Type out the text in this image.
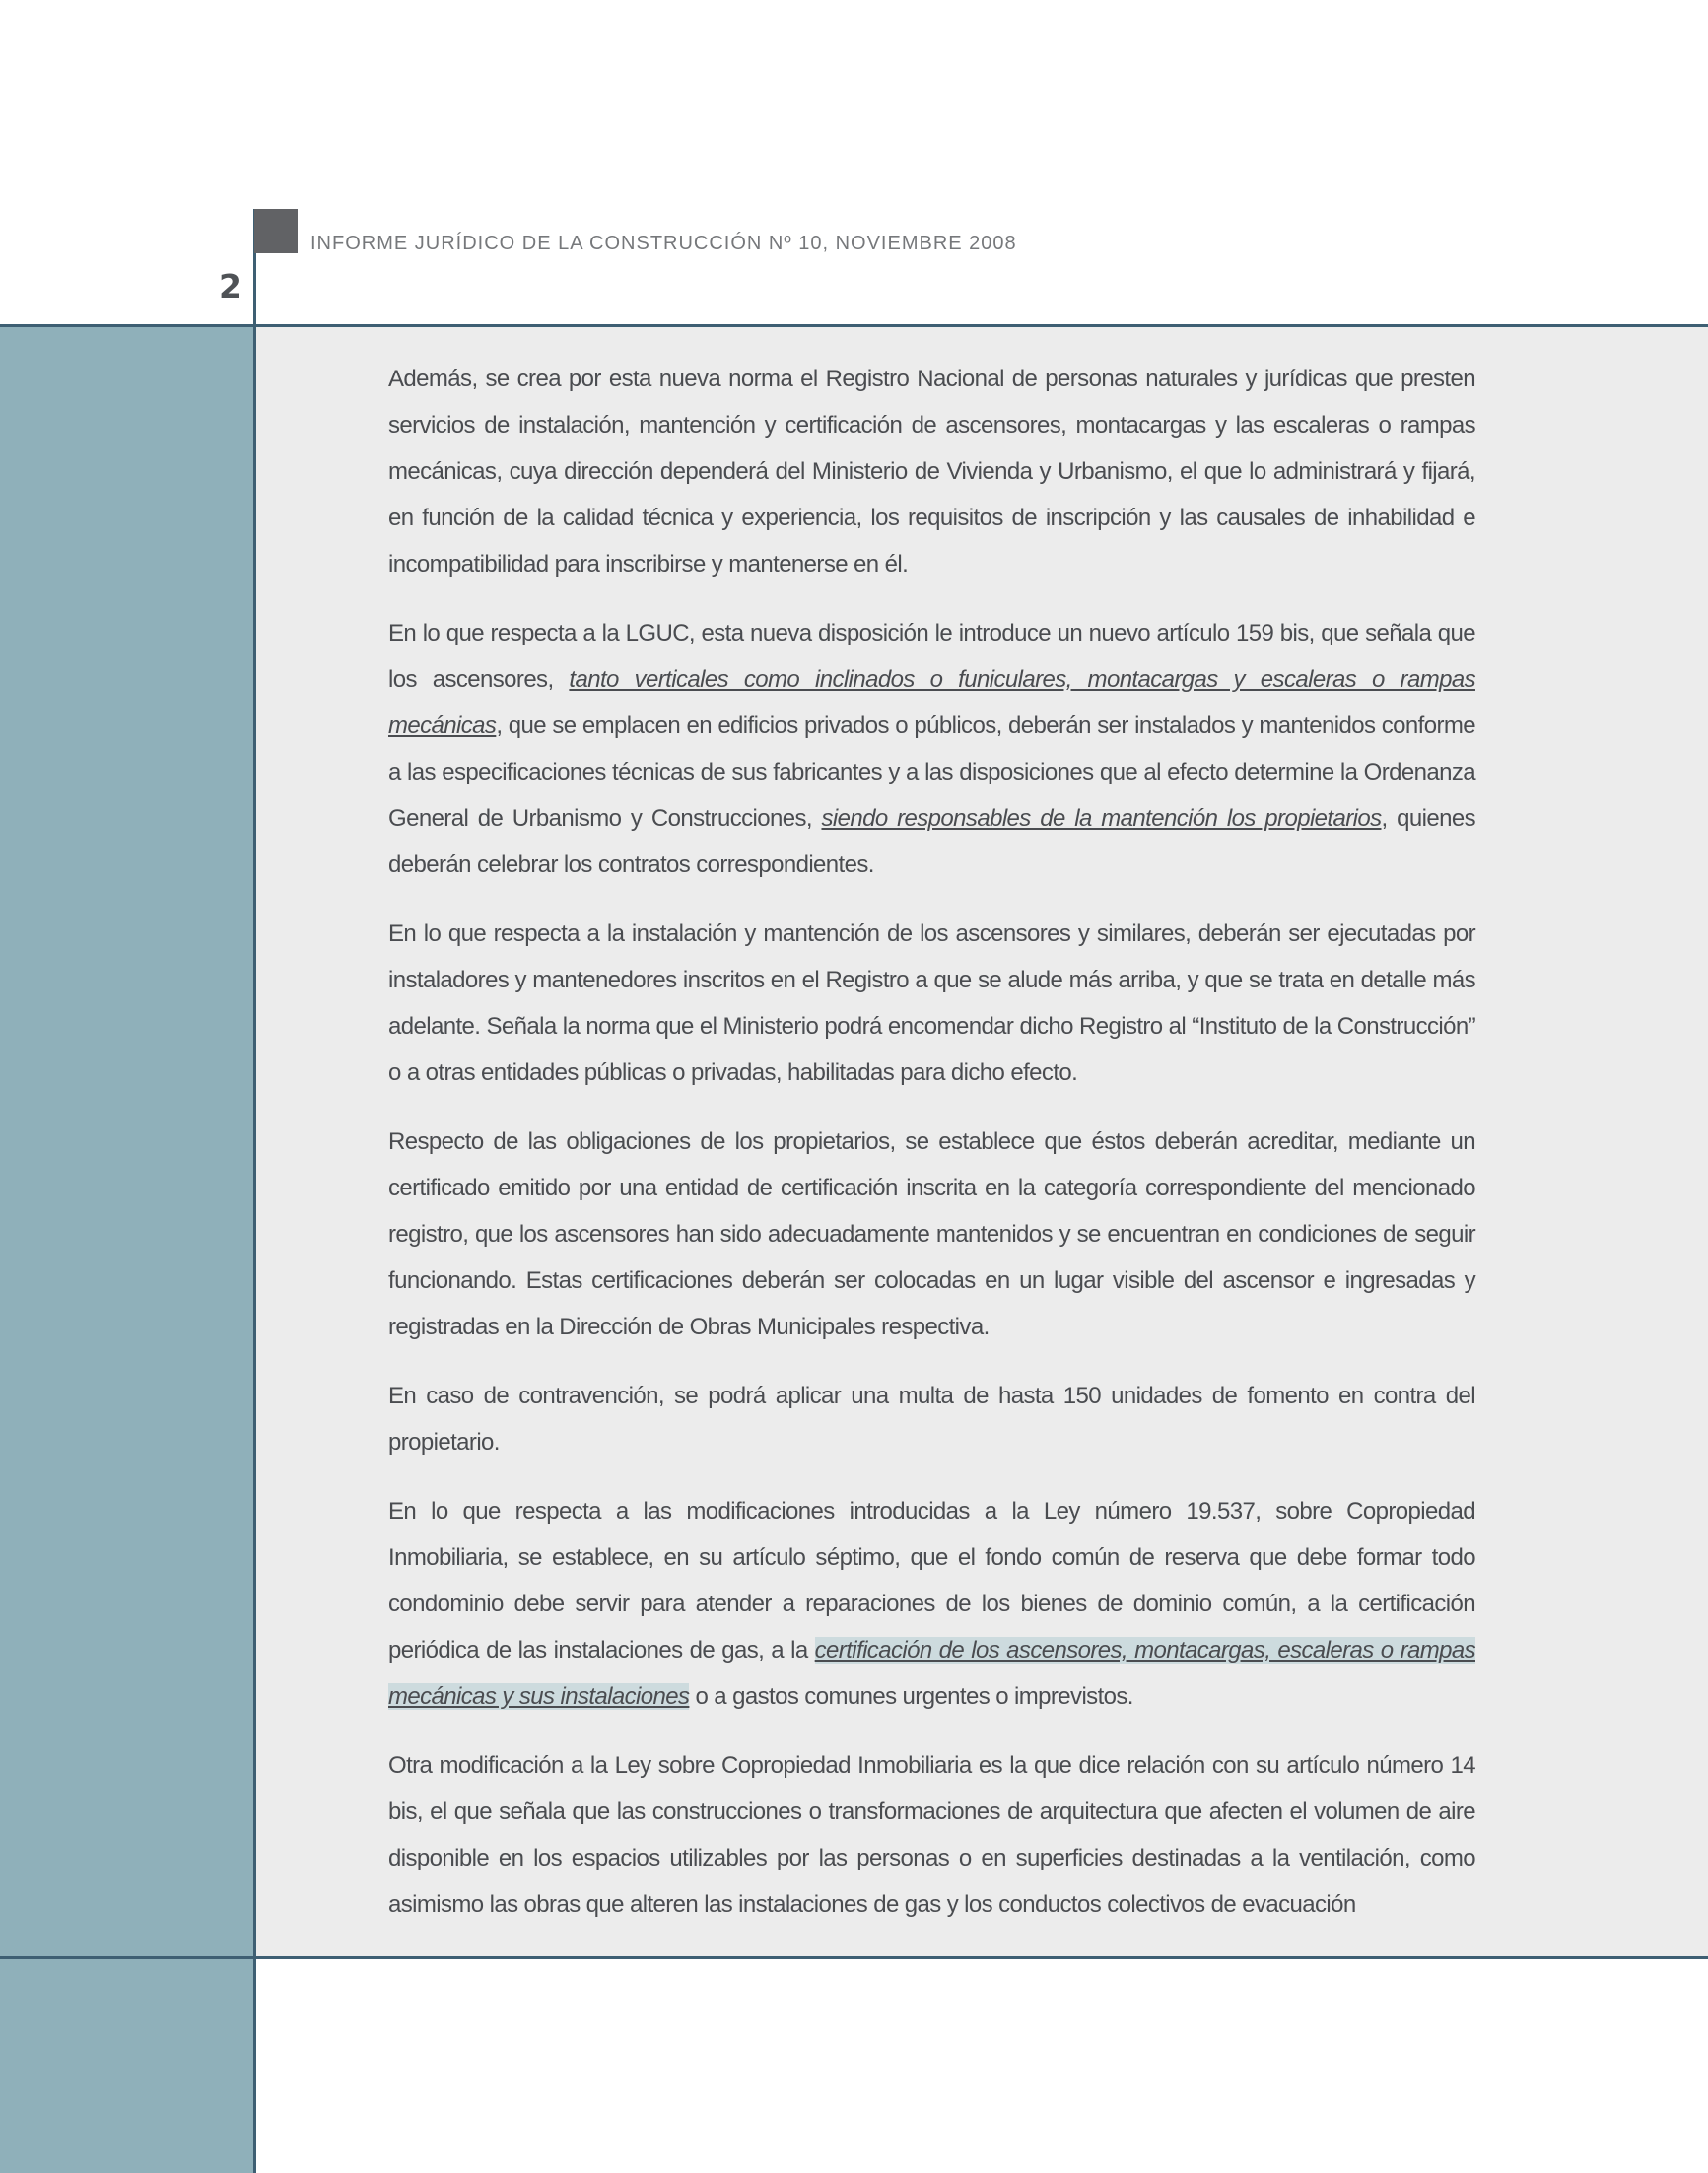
INFORME JURÍDICO DE LA CONSTRUCCIÓN Nº 10, NOVIEMBRE 2008
2

Además, se crea por esta nueva norma el Registro Nacional de personas naturales y jurídicas que presten servicios de instalación, mantención y certificación de ascensores, montacargas y las escaleras o rampas mecánicas, cuya dirección dependerá del Ministerio de Vivienda y Urbanismo, el que lo administrará y fijará, en función de la calidad técnica y experiencia, los requisitos de inscripción y las causales de inhabilidad e incompatibilidad para inscribirse y mantenerse en él.

En lo que respecta a la LGUC, esta nueva disposición le introduce un nuevo artículo 159 bis, que señala que los ascensores, tanto verticales como inclinados o funiculares, montacargas y escaleras o rampas mecánicas, que se emplacen en edificios privados o públicos, deberán ser instalados y mantenidos conforme a las especificaciones técnicas de sus fabricantes y a las disposiciones que al efecto determine la Ordenanza General de Urbanismo y Construcciones, siendo responsables de la mantención los propietarios, quienes deberán celebrar los contratos correspondientes.

En lo que respecta a la instalación y mantención de los ascensores y similares, deberán ser ejecutadas por instaladores y mantenedores inscritos en el Registro a que se alude más arriba, y que se trata en detalle más adelante. Señala la norma que el Ministerio podrá encomendar dicho Registro al “Instituto de la Construcción” o a otras entidades públicas o privadas, habilitadas para dicho efecto.

Respecto de las obligaciones de los propietarios, se establece que éstos deberán acreditar, mediante un certificado emitido por una entidad de certificación inscrita en la categoría correspondiente del mencionado registro, que los ascensores han sido adecuadamente mantenidos y se encuentran en condiciones de seguir funcionando. Estas certificaciones deberán ser colocadas en un lugar visible del ascensor e ingresadas y registradas en la Dirección de Obras Municipales respectiva.

En caso de contravención, se podrá aplicar una multa de hasta 150 unidades de fomento en contra del propietario.

En lo que respecta a las modificaciones introducidas a la Ley número 19.537, sobre Copropiedad Inmobiliaria, se establece, en su artículo séptimo, que el fondo común de reserva que debe formar todo condominio debe servir para atender a reparaciones de los bienes de dominio común, a la certificación periódica de las instalaciones de gas, a la certificación de los ascensores, montacargas, escaleras o rampas mecánicas y sus instalaciones o a gastos comunes urgentes o imprevistos.

Otra modificación a la Ley sobre Copropiedad Inmobiliaria es la que dice relación con su artículo número 14 bis, el que señala que las construcciones o transformaciones de arquitectura que afecten el volumen de aire disponible en los espacios utilizables por las personas o en superficies destinadas a la ventilación, como asimismo las obras que alteren las instalaciones de gas y los conductos colectivos de evacuación
